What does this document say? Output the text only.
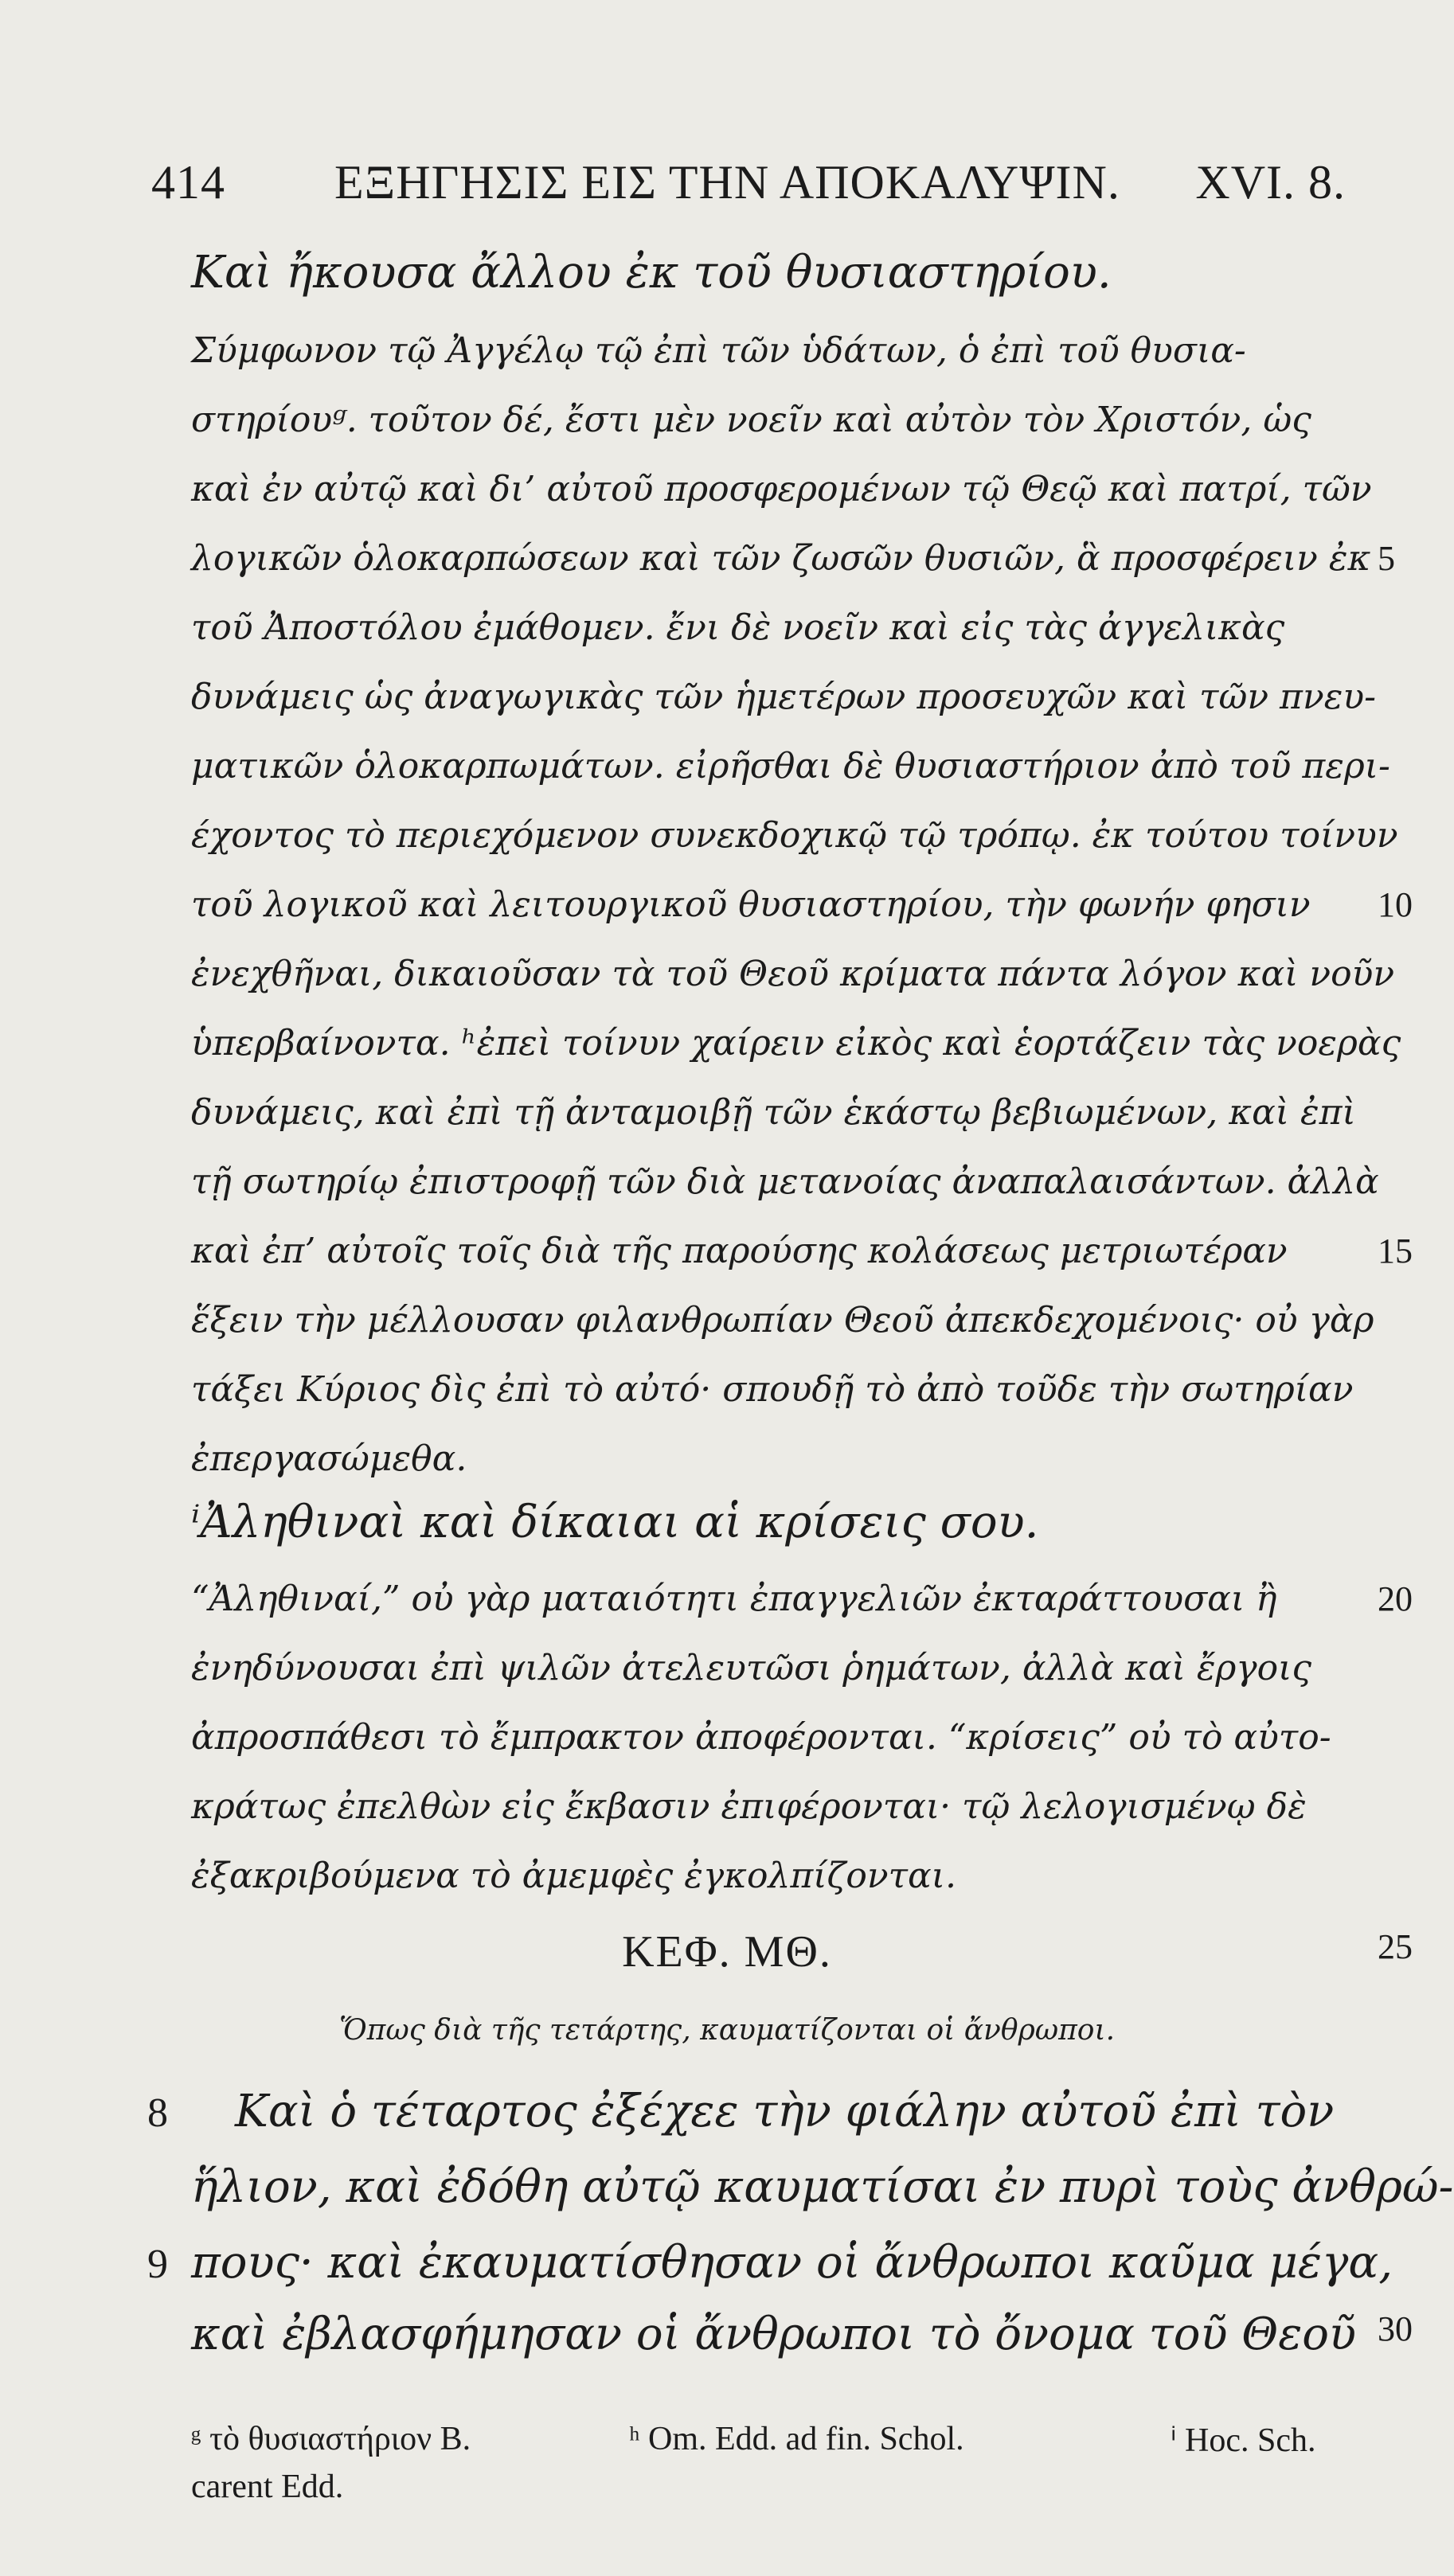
414 ΕΞΗΓΗΣΙΣ ΕΙΣ ΤΗΝ ΑΠΟΚΑΛΥΨΙΝ. XVI. 8.
Καὶ ἤκουσα ἄλλου ἐκ τοῦ θυσιαστηρίου.
Σύμφωνον τῷ Ἀγγέλῳ τῷ ἐπὶ τῶν ὑδάτων, ὁ ἐπὶ τοῦ θυσια-
στηρίουᵍ. τοῦτον δέ, ἔστι μὲν νοεῖν καὶ αὐτὸν τὸν Χριστόν, ὡς
καὶ ἐν αὐτῷ καὶ δι’ αὐτοῦ προσφερομένων τῷ Θεῷ καὶ πατρί, τῶν
λογικῶν ὁλοκαρπώσεων καὶ τῶν ζωσῶν θυσιῶν, ἃ προσφέρειν ἐκ
τοῦ Ἀποστόλου ἐμάθομεν. ἔνι δὲ νοεῖν καὶ εἰς τὰς ἀγγελικὰς
δυνάμεις ὡς ἀναγωγικὰς τῶν ἡμετέρων προσευχῶν καὶ τῶν πνευ-
ματικῶν ὁλοκαρπωμάτων. εἰρῆσθαι δὲ θυσιαστήριον ἀπὸ τοῦ περι-
έχοντος τὸ περιεχόμενον συνεκδοχικῷ τῷ τρόπῳ. ἐκ τούτου τοίνυν
τοῦ λογικοῦ καὶ λειτουργικοῦ θυσιαστηρίου, τὴν φωνήν φησιν
ἐνεχθῆναι, δικαιοῦσαν τὰ τοῦ Θεοῦ κρίματα πάντα λόγον καὶ νοῦν
ὑπερβαίνοντα. ʰἐπεὶ τοίνυν χαίρειν εἰκὸς καὶ ἑορτάζειν τὰς νοερὰς
δυνάμεις, καὶ ἐπὶ τῇ ἀνταμοιβῇ τῶν ἑκάστῳ βεβιωμένων, καὶ ἐπὶ
τῇ σωτηρίῳ ἐπιστροφῇ τῶν διὰ μετανοίας ἀναπαλαισάντων. ἀλλὰ
καὶ ἐπ’ αὐτοῖς τοῖς διὰ τῆς παρούσης κολάσεως μετριωτέραν
ἕξειν τὴν μέλλουσαν φιλανθρωπίαν Θεοῦ ἀπεκδεχομένοις· οὐ γὰρ
τάξει Κύριος δὶς ἐπὶ τὸ αὐτό· σπουδῇ τὸ ἀπὸ τοῦδε τὴν σωτηρίαν
ἐπεργασώμεθα.
ⁱἈληθιναὶ καὶ δίκαιαι αἱ κρίσεις σου.
“Ἀληθιναί,” οὐ γὰρ ματαιότητι ἐπαγγελιῶν ἐκταράττουσαι ἢ
ἐνηδύνουσαι ἐπὶ ψιλῶν ἀτελευτῶσι ῥημάτων, ἀλλὰ καὶ ἔργοις
ἀπροσπάθεσι τὸ ἔμπρακτον ἀποφέρονται. “κρίσεις” οὐ τὸ αὐτο-
κράτως ἐπελθὼν εἰς ἔκβασιν ἐπιφέρονται· τῷ λελογισμένῳ δὲ
ἐξακριβούμενα τὸ ἀμεμφὲς ἐγκολπίζονται.
5
10
15
20
25
30
ΚΕΦ. ΜΘ.
Ὅπως διὰ τῆς τετάρτης, καυματίζονται οἱ ἄνθρωποι.
8 Καὶ ὁ τέταρτος ἐξέχεε τὴν φιάλην αὐτοῦ ἐπὶ τὸν
ἥλιον, καὶ ἐδόθη αὐτῷ καυματίσαι ἐν πυρὶ τοὺς ἀνθρώ-
9 πους· καὶ ἐκαυματίσθησαν οἱ ἄνθρωποι καῦμα μέγα,
καὶ ἐβλασφήμησαν οἱ ἄνθρωποι τὸ ὄνομα τοῦ Θεοῦ
ᵍ τὸ θυσιαστήριον B.	ʰ Om. Edd. ad fin. Schol.	ⁱ Hoc. Sch.
carent Edd.
